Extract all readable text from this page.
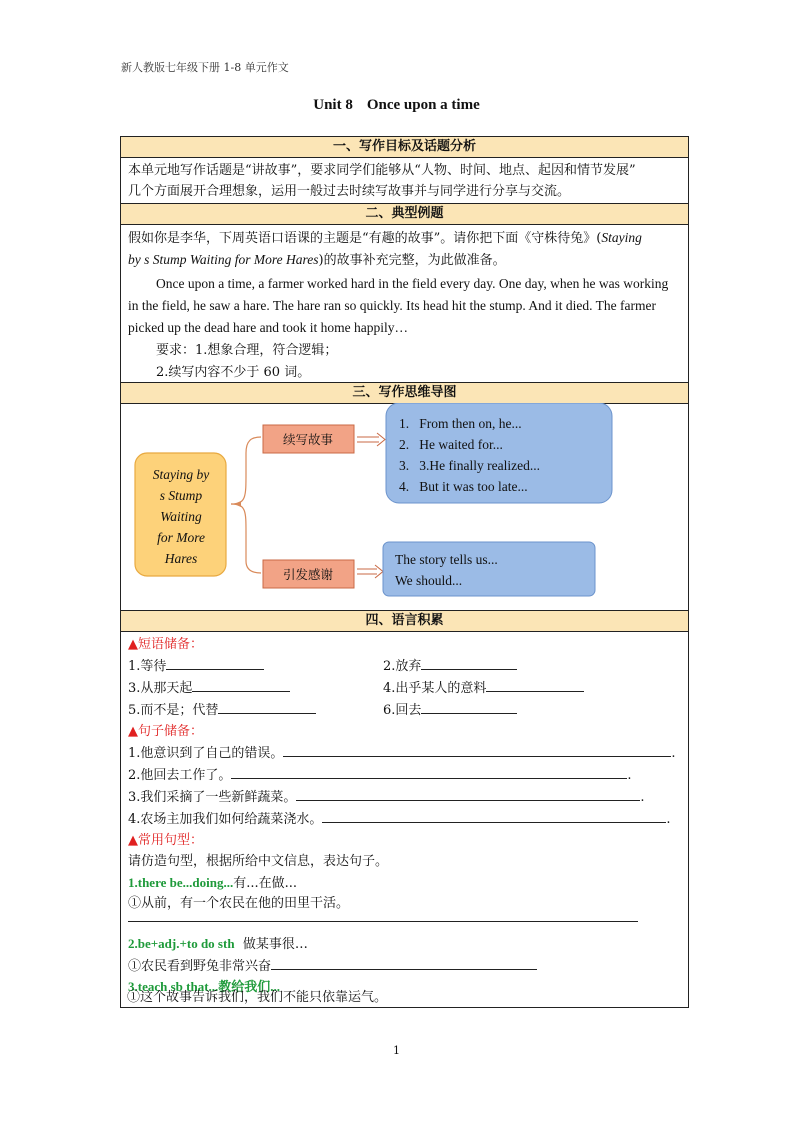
新人教版七年级下册 1-8 单元作文
Unit 8 Once upon a time
一、写作目标及话题分析
本单元地写作话题是“讲故事”，要求同学们能够从“人物、时间、地点、起因和情节发展”
几个方面展开合理想象，运用一般过去时续写故事并与同学进行分享与交流。
二、典型例题
假如你是李华，下周英语口语课的主题是“有趣的故事”。请你把下面《守株待兔》(Staying
by s Stump Waiting for More Hares)的故事补充完整，为此做准备。
Once upon a time, a farmer worked hard in the field every day. One day, when he was working
in the field, he saw a hare. The hare ran so quickly. Its head hit the stump. And it died. The farmer
picked up the dead hare and took it home happily…
要求：1.想象合理，符合逻辑；
2.续写内容不少于 60 词。
三、写作思维导图
Staying by
s Stump
Waiting
for More
Hares
续写故事
1.   From then on, he...
2.   He waited for...
3.   3.He finally realized...
4.   But it was too late...
引发感谢
The story tells us...
We should...
四、语言积累
▲短语储备：
1.等待	2.放弃
3.从那天起	4.出乎某人的意料
5.而不是；代替	6.回去
▲句子储备：
1.他意识到了自己的错误。	.
2.他回去工作了。	.
3.我们采摘了一些新鲜蔬菜。	.
4.农场主加我们如何给蔬菜浇水。	.
▲常用句型：
请仿造句型，根据所给中文信息，表达句子。
1.there be...doing...有...在做...
①从前，有一个农民在他的田里干活。
2.be+adj.+to do sth 做某事很…
①农民看到野兔非常兴奋
3.teach sb that...教给我们...

①这个故事告诉我们，我们不能只依靠运气。
1
